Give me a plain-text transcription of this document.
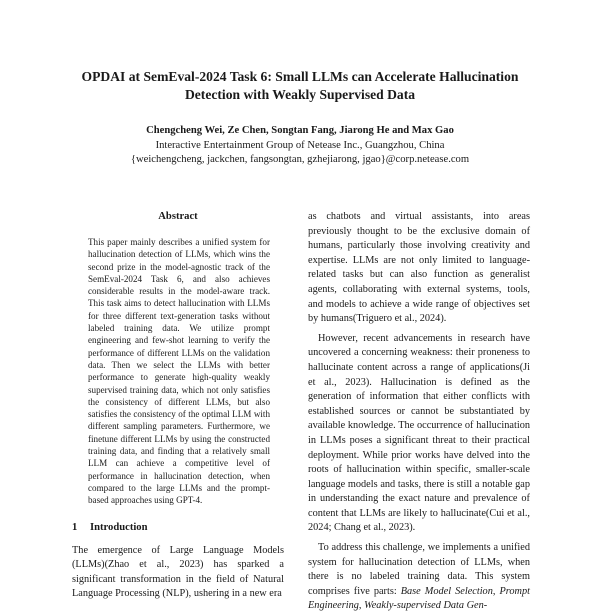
OPDAI at SemEval-2024 Task 6: Small LLMs can Accelerate Hallucination
Detection with Weakly Supervised Data
Chengcheng Wei, Ze Chen, Songtan Fang, Jiarong He and Max Gao
Interactive Entertainment Group of Netease Inc., Guangzhou, China
{weichengcheng, jackchen, fangsongtan, gzhejiarong, jgao}@corp.netease.com
Abstract
This paper mainly describes a unified system for hallucination detection of LLMs, which wins the second prize in the model-agnostic track of the SemEval-2024 Task 6, and also achieves considerable results in the model-aware track. This task aims to detect hallucination with LLMs for three different text-generation tasks without labeled training data. We utilize prompt engineering and few-shot learning to verify the performance of different LLMs on the validation data. Then we select the LLMs with better performance to generate high-quality weakly supervised training data, which not only satisfies the consistency of different LLMs, but also satisfies the consistency of the optimal LLM with different sampling parameters. Furthermore, we finetune different LLMs by using the constructed training data, and finding that a relatively small LLM can achieve a competitive level of performance in hallucination detection, when compared to the large LLMs and the prompt-based approaches using GPT-4.
1 Introduction
The emergence of Large Language Models (LLMs)(Zhao et al., 2023) has sparked a significant transformation in the field of Natural Language Processing (NLP), ushering in a new era

as chatbots and virtual assistants, into areas previously thought to be the exclusive domain of humans, particularly those involving creativity and expertise. LLMs are not only limited to language-related tasks but can also function as generalist agents, collaborating with external systems, tools, and models to achieve a wide range of objectives set by humans(Triguero et al., 2024).

However, recent advancements in research have uncovered a concerning weakness: their proneness to hallucinate content across a range of applications(Ji et al., 2023). Hallucination is defined as the generation of information that either conflicts with established sources or cannot be substantiated by available knowledge. The occurrence of hallucination in LLMs poses a significant threat to their practical deployment. While prior works have delved into the roots of hallucination within specific, smaller-scale language models and tasks, there is still a notable gap in understanding the exact nature and prevalence of content that LLMs are likely to hallucinate(Cui et al., 2024; Chang et al., 2023).

To address this challenge, we implements a unified system for hallucination detection of LLMs, when there is no labeled training data. This system comprises five parts: Base Model Selection, Prompt Engineering, Weakly-supervised Data Gen-
